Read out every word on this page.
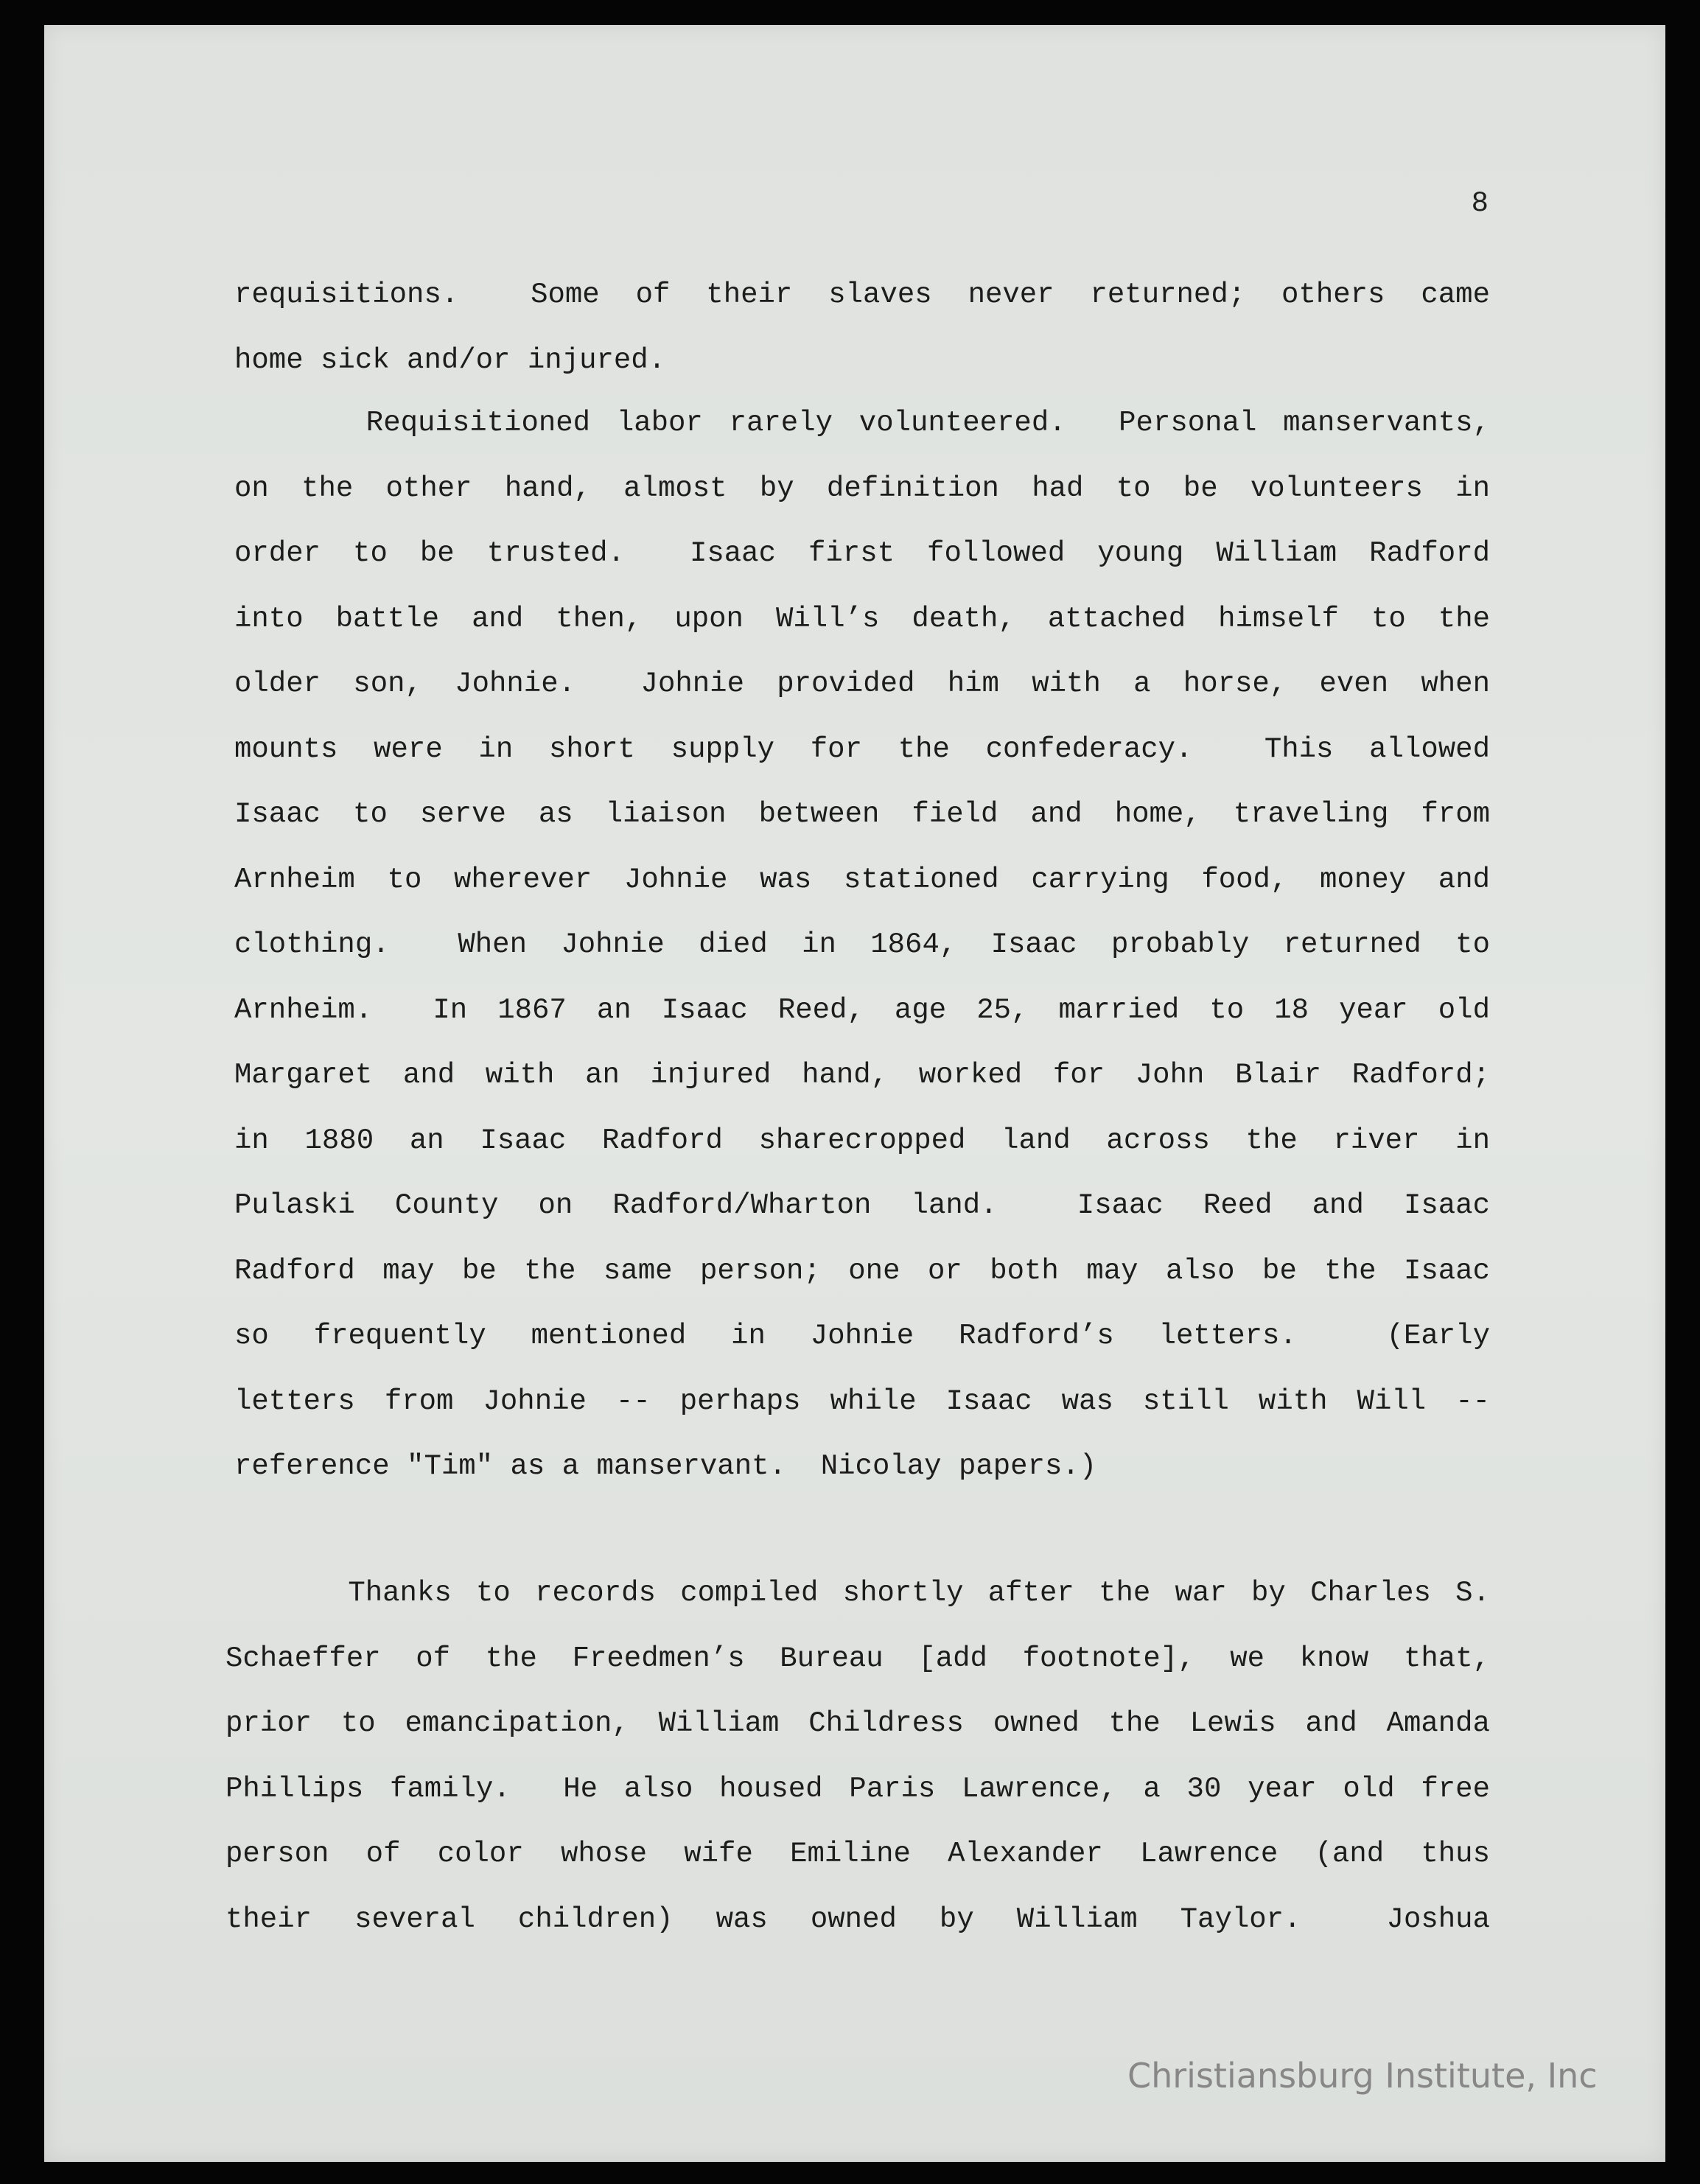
8
requisitions.  Some of their slaves never returned; others came
home sick and/or injured.
Requisitioned labor rarely volunteered.  Personal manservants,
on the other hand, almost by definition had to be volunteers in
order to be trusted.  Isaac first followed young William Radford
into battle and then, upon Will’s death, attached himself to the
older son, Johnie.  Johnie provided him with a horse, even when
mounts were in short supply for the confederacy.  This allowed
Isaac to serve as liaison between field and home, traveling from
Arnheim to wherever Johnie was stationed carrying food, money and
clothing.  When Johnie died in 1864, Isaac probably returned to
Arnheim.  In 1867 an Isaac Reed, age 25, married to 18 year old
Margaret and with an injured hand, worked for John Blair Radford;
in 1880 an Isaac Radford sharecropped land across the river in
Pulaski County on Radford/Wharton land.  Isaac Reed and Isaac
Radford may be the same person; one or both may also be the Isaac
so frequently mentioned in Johnie Radford’s letters.  (Early
letters from Johnie -- perhaps while Isaac was still with Will --
reference "Tim" as a manservant.  Nicolay papers.)
Thanks to records compiled shortly after the war by Charles S.
Schaeffer of the Freedmen’s Bureau [add footnote], we know that,
prior to emancipation, William Childress owned the Lewis and Amanda
Phillips family.  He also housed Paris Lawrence, a 30 year old free
person of color whose wife Emiline Alexander Lawrence (and thus
their several children) was owned by William Taylor.  Joshua
Christiansburg Institute, Inc
